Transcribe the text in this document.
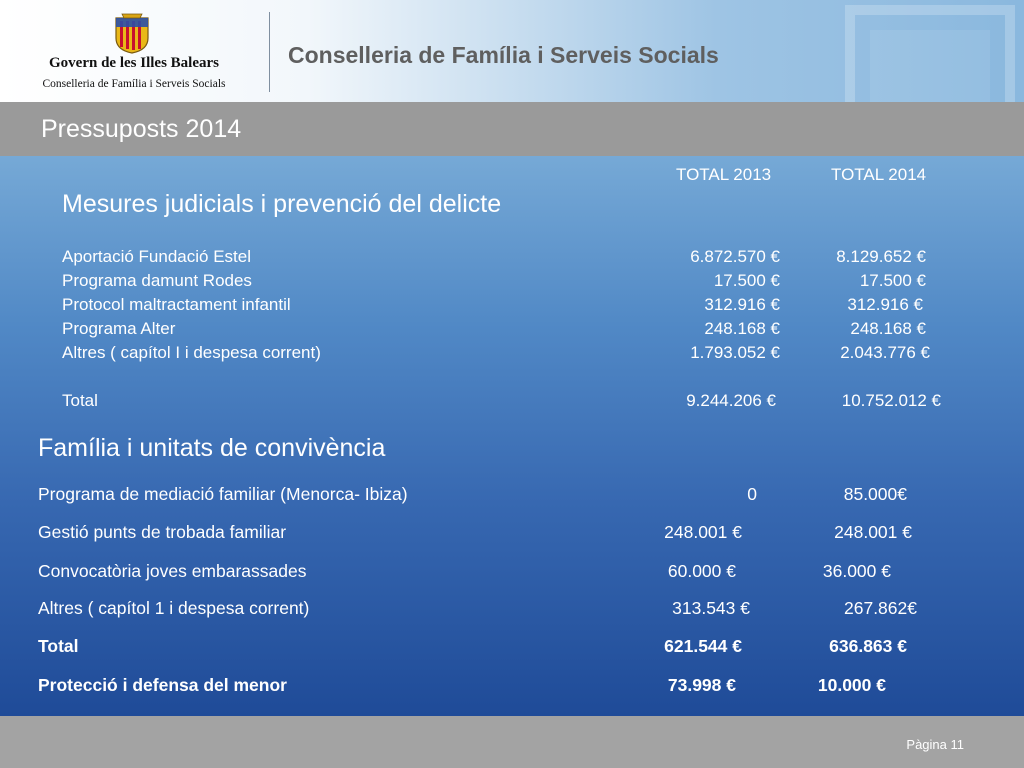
Govern de les Illes Balears
Conselleria de Família i Serveis Socials
Conselleria de Família i Serveis Socials
Pressuposts 2014
TOTAL 2013	TOTAL 2014
Mesures judicials i prevenció del delicte
Aportació Fundació Estel	6.872.570 €	8.129.652 €
Programa damunt Rodes	17.500 €	17.500 €
Protocol maltractament infantil	312.916 €	312.916 €
Programa Alter	248.168 €	248.168 €
Altres ( capítol I i despesa corrent)	1.793.052 €	2.043.776 €
Total	9.244.206 €	10.752.012 €
Família i unitats de convivència
Programa de mediació familiar (Menorca- Ibiza)	0	85.000€
Gestió punts de trobada familiar	248.001 €	248.001 €
Convocatòria joves embarassades	60.000 €	36.000 €
Altres ( capítol 1 i despesa corrent)	313.543 €	267.862€
Total	621.544 €	636.863 €
Protecció i defensa del menor	73.998 €	10.000 €
Pàgina 11
